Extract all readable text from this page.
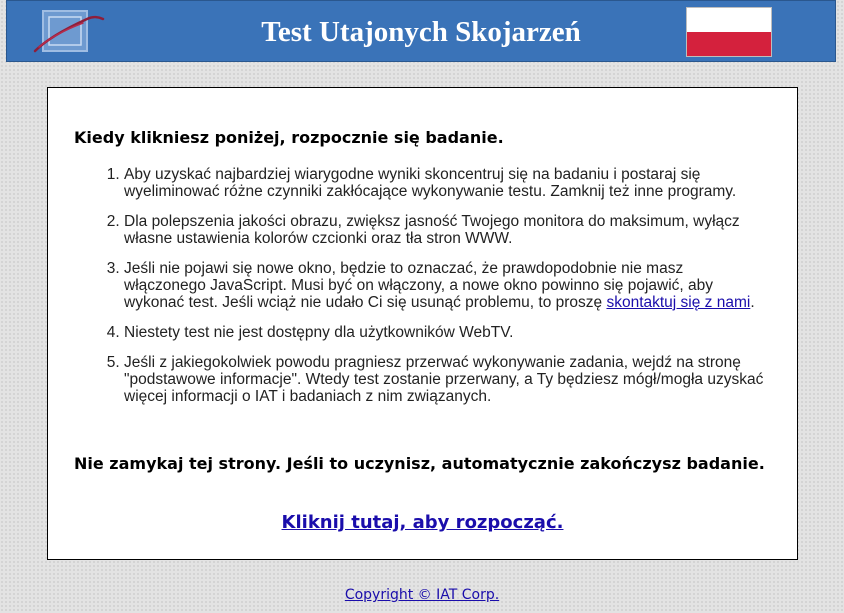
Test Utajonych Skojarzeń

Kiedy klikniesz poniżej, rozpocznie się badanie.

1. Aby uzyskać najbardziej wiarygodne wyniki skoncentruj się na badaniu i postaraj się wyeliminować różne czynniki zakłócające wykonywanie testu. Zamknij też inne programy.
2. Dla polepszenia jakości obrazu, zwiększ jasność Twojego monitora do maksimum, wyłącz własne ustawienia kolorów czcionki oraz tła stron WWW.
3. Jeśli nie pojawi się nowe okno, będzie to oznaczać, że prawdopodobnie nie masz włączonego JavaScript. Musi być on włączony, a nowe okno powinno się pojawić, aby wykonać test. Jeśli wciąż nie udało Ci się usunąć problemu, to proszę skontaktuj się z nami.
4. Niestety test nie jest dostępny dla użytkowników WebTV.
5. Jeśli z jakiegokolwiek powodu pragniesz przerwać wykonywanie zadania, wejdź na stronę "podstawowe informacje". Wtedy test zostanie przerwany, a Ty będziesz mógł/mogła uzyskać więcej informacji o IAT i badaniach z nim związanych.

Nie zamykaj tej strony. Jeśli to uczynisz, automatycznie zakończysz badanie.

Kliknij tutaj, aby rozpocząć.
Copyright © IAT Corp.
